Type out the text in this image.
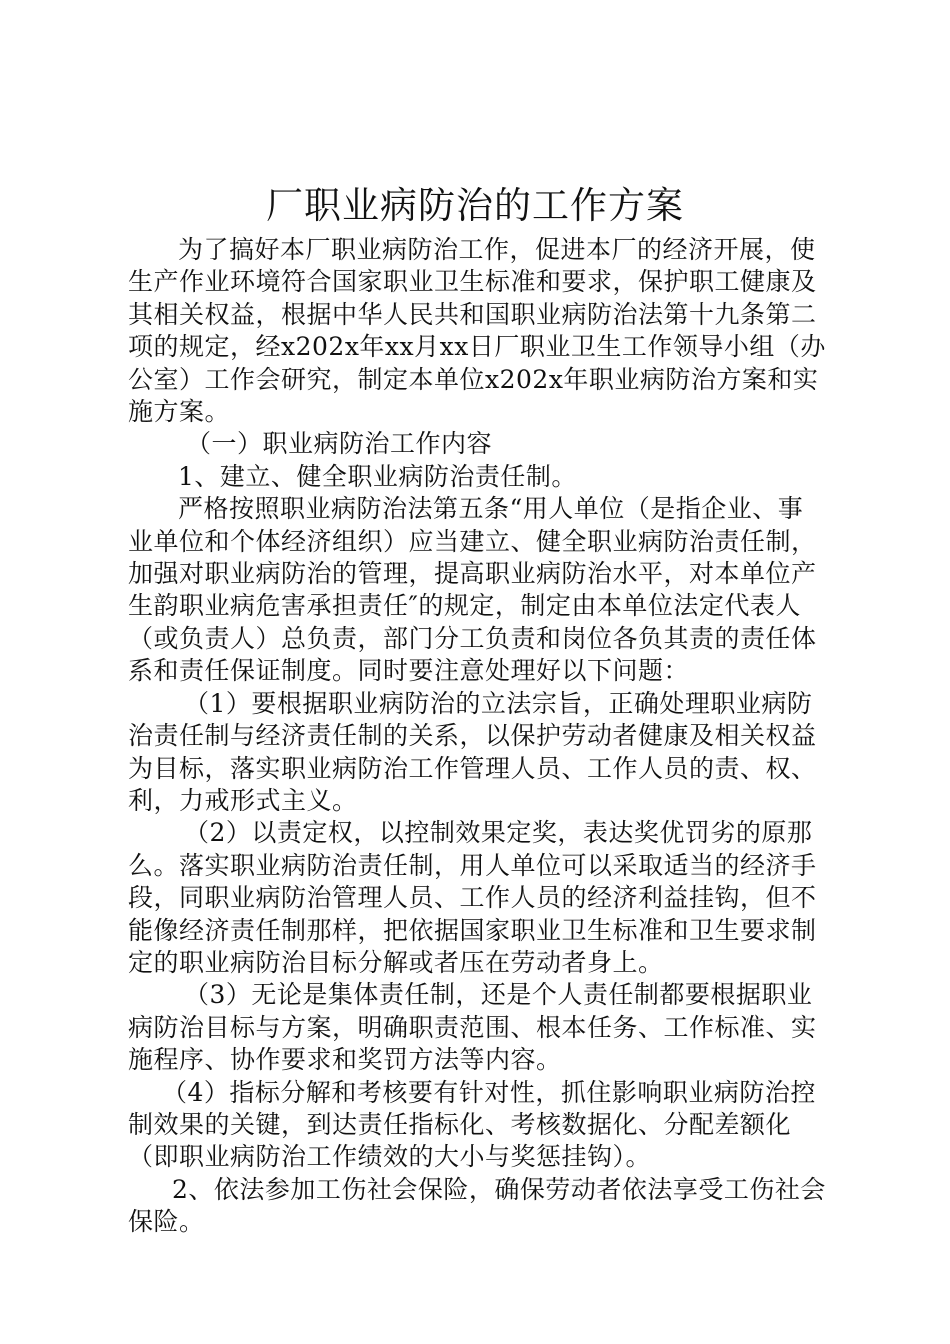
厂职业病防治的工作方案

为了搞好本厂职业病防治工作，促进本厂的经济开展，使生产作业环境符合国家职业卫生标准和要求，保护职工健康及其相关权益，根据中华人民共和国职业病防治法第十九条第二项的规定，经x202x年xx月xx日厂职业卫生工作领导小组（办公室）工作会研究，制定本单位x202x年职业病防治方案和实施方案。

（一）职业病防治工作内容

1、建立、健全职业病防治责任制。

严格按照职业病防治法第五条“用人单位（是指企业、事业单位和个体经济组织）应当建立、健全职业病防治责任制，加强对职业病防治的管理，提高职业病防治水平，对本单位产生韵职业病危害承担责任″的规定，制定由本单位法定代表人（或负责人）总负责，部门分工负责和岗位各负其责的责任体系和责任保证制度。同时要注意处理好以下问题：

（1）要根据职业病防治的立法宗旨，正确处理职业病防治责任制与经济责任制的关系，以保护劳动者健康及相关权益为目标，落实职业病防治工作管理人员、工作人员的责、权、利，力戒形式主义。

（2）以责定权，以控制效果定奖，表达奖优罚劣的原那么。落实职业病防治责任制，用人单位可以采取适当的经济手段，同职业病防治管理人员、工作人员的经济利益挂钩，但不能像经济责任制那样，把依据国家职业卫生标准和卫生要求制定的职业病防治目标分解或者压在劳动者身上。

（3）无论是集体责任制，还是个人责任制都要根据职业病防治目标与方案，明确职责范围、根本任务、工作标准、实施程序、协作要求和奖罚方法等内容。

（4）指标分解和考核要有针对性，抓住影响职业病防治控制效果的关键，到达责任指标化、考核数据化、分配差额化（即职业病防治工作绩效的大小与奖惩挂钩）。

2、依法参加工伤社会保险，确保劳动者依法享受工伤社会保险。
